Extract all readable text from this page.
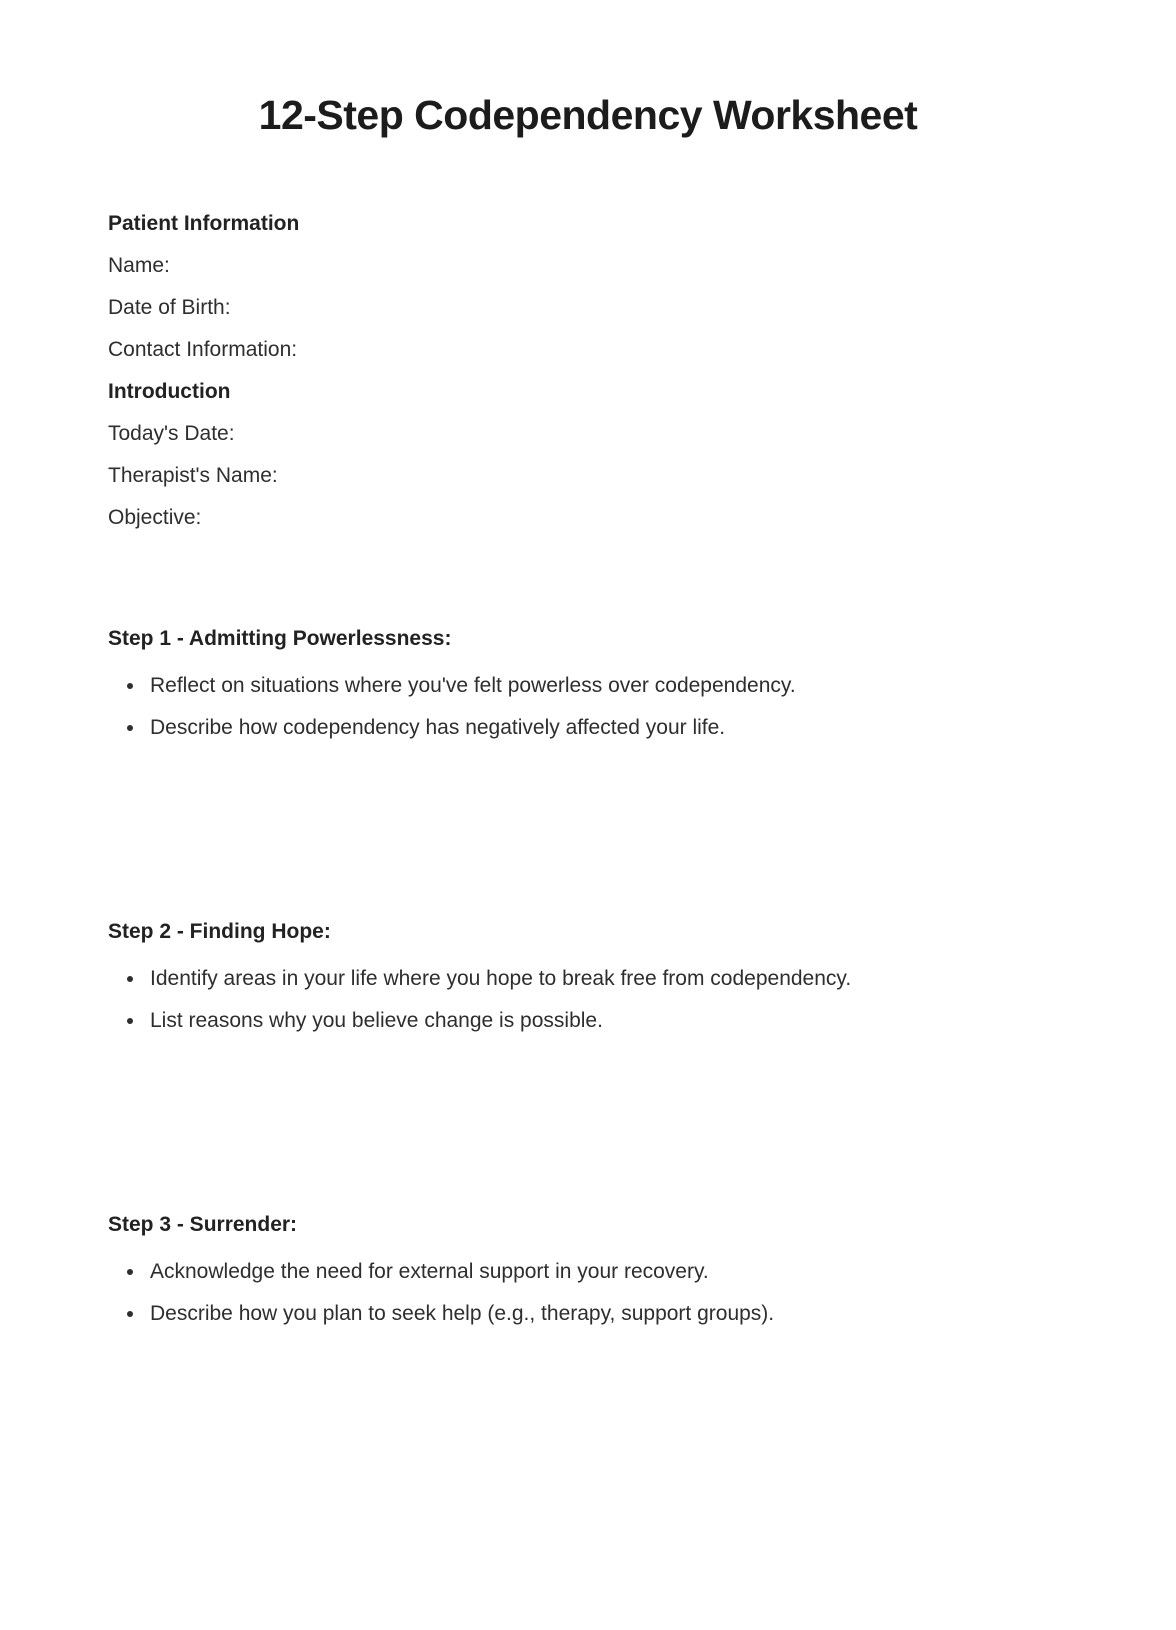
12-Step Codependency Worksheet
Patient Information

Name:

Date of Birth:

Contact Information:

Introduction

Today's Date:

Therapist's Name:

Objective:

Step 1 - Admitting Powerlessness:
• Reflect on situations where you've felt powerless over codependency.
• Describe how codependency has negatively affected your life.
Step 2 - Finding Hope:
• Identify areas in your life where you hope to break free from codependency.
• List reasons why you believe change is possible.
Step 3 - Surrender:
• Acknowledge the need for external support in your recovery.
• Describe how you plan to seek help (e.g., therapy, support groups).
